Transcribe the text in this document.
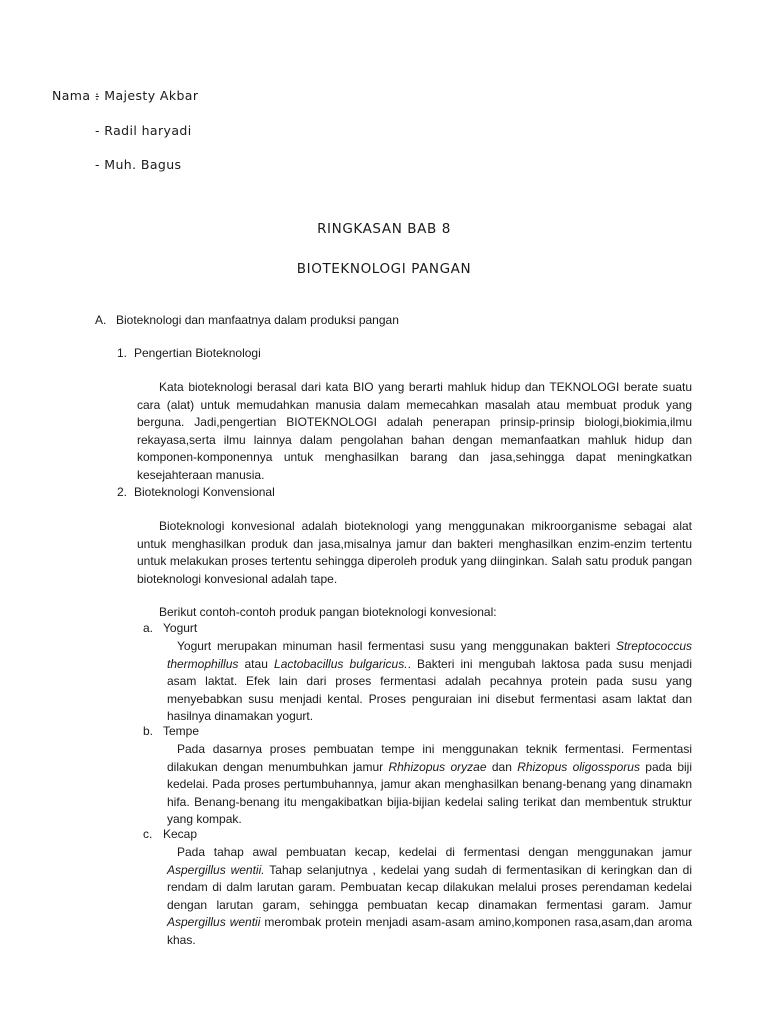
Nama :
- Majesty Akbar
- Radil haryadi
- Muh. Bagus
RINGKASAN BAB 8
BIOTEKNOLOGI PANGAN
A. Bioteknologi dan manfaatnya dalam produksi pangan
1. Pengertian Bioteknologi

Kata bioteknologi berasal dari kata BIO yang berarti mahluk hidup dan TEKNOLOGI berate suatu cara (alat) untuk memudahkan manusia dalam memecahkan masalah atau membuat produk yang berguna. Jadi,pengertian BIOTEKNOLOGI adalah penerapan prinsip-prinsip biologi,biokimia,ilmu rekayasa,serta ilmu lainnya dalam pengolahan bahan dengan memanfaatkan mahluk hidup dan komponen-komponennya untuk menghasilkan barang dan jasa,sehingga dapat meningkatkan kesejahteraan manusia.

2. Bioteknologi Konvensional

Bioteknologi konvesional adalah bioteknologi yang menggunakan mikroorganisme sebagai alat untuk menghasilkan produk dan jasa,misalnya jamur dan bakteri menghasilkan enzim-enzim tertentu untuk melakukan proses tertentu sehingga diperoleh produk yang diinginkan. Salah satu produk pangan bioteknologi konvesional adalah tape.

Berikut contoh-contoh produk pangan bioteknologi konvesional:
a. Yogurt

Yogurt merupakan minuman hasil fermentasi susu yang menggunakan bakteri Streptococcus thermophillus atau Lactobacillus bulgaricus.. Bakteri ini mengubah laktosa pada susu menjadi asam laktat. Efek lain dari proses fermentasi adalah pecahnya protein pada susu yang menyebabkan susu menjadi kental. Proses penguraian ini disebut fermentasi asam laktat dan hasilnya dinamakan yogurt.

b. Tempe

Pada dasarnya proses pembuatan tempe ini menggunakan teknik fermentasi. Fermentasi dilakukan dengan menumbuhkan jamur Rhhizopus oryzae dan Rhizopus oligossporus pada biji kedelai. Pada proses pertumbuhannya, jamur akan menghasilkan benang-benang yang dinamakn hifa. Benang-benang itu mengakibatkan bijia-bijian kedelai saling terikat dan membentuk struktur yang kompak.

c. Kecap

Pada tahap awal pembuatan kecap, kedelai di fermentasi dengan menggunakan jamur Aspergillus wentii. Tahap selanjutnya , kedelai yang sudah di fermentasikan di keringkan dan di rendam di dalm larutan garam. Pembuatan kecap dilakukan melalui proses perendaman kedelai dengan larutan garam, sehingga pembuatan kecap dinamakan fermentasi garam. Jamur Aspergillus wentii merombak protein menjadi asam-asam amino,komponen rasa,asam,dan aroma khas.
